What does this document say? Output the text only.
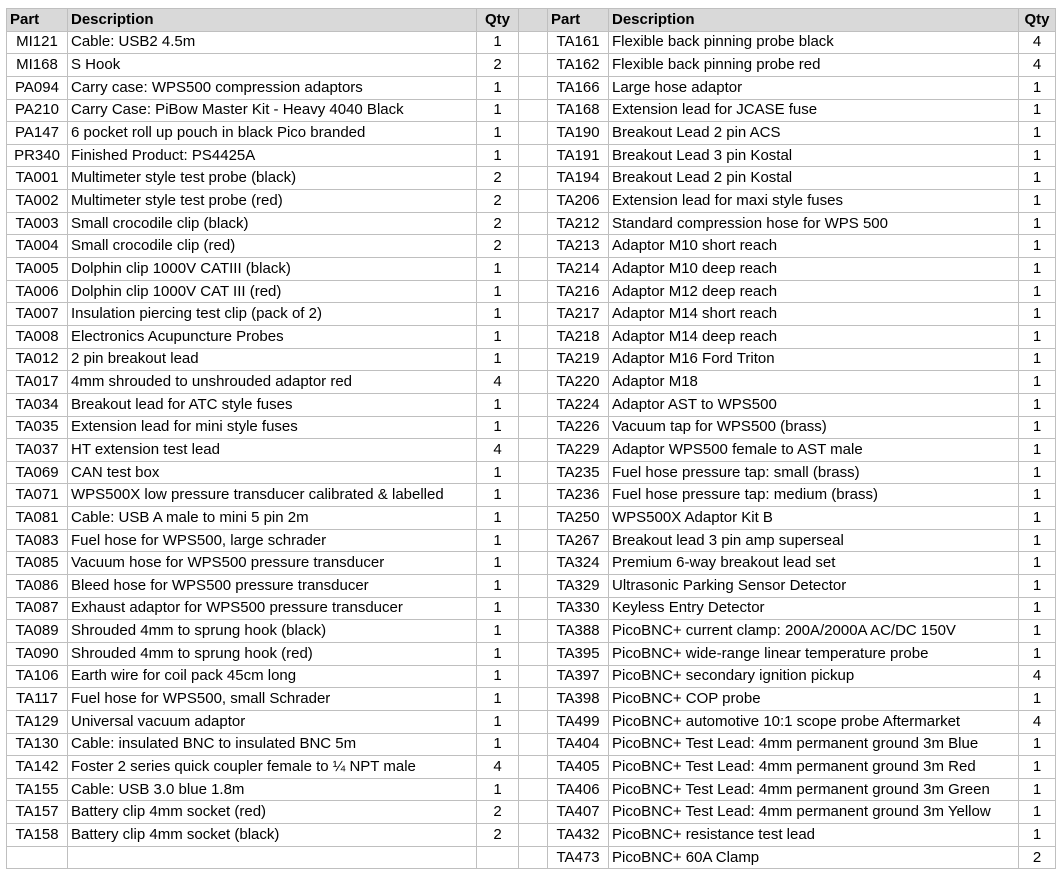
Part	Description	Qty		Part	Description	Qty
MI121	Cable: USB2 4.5m	1		TA161	Flexible back pinning probe black	4
MI168	S Hook	2		TA162	Flexible back pinning probe red	4
PA094	Carry case: WPS500 compression adaptors	1		TA166	Large hose adaptor	1
PA210	Carry Case: PiBow Master Kit - Heavy 4040 Black	1		TA168	Extension lead for JCASE fuse	1
PA147	6 pocket roll up pouch in black Pico branded	1		TA190	Breakout Lead 2 pin ACS	1
PR340	Finished Product: PS4425A	1		TA191	Breakout Lead 3 pin Kostal	1
TA001	Multimeter style test probe (black)	2		TA194	Breakout Lead 2 pin Kostal	1
TA002	Multimeter style test probe (red)	2		TA206	Extension lead for maxi style fuses	1
TA003	Small crocodile clip (black)	2		TA212	Standard compression hose for WPS 500	1
TA004	Small crocodile clip (red)	2		TA213	Adaptor M10 short reach	1
TA005	Dolphin clip 1000V CATIII (black)	1		TA214	Adaptor M10 deep reach	1
TA006	Dolphin clip 1000V CAT III (red)	1		TA216	Adaptor M12 deep reach	1
TA007	Insulation piercing test clip (pack of 2)	1		TA217	Adaptor M14 short reach	1
TA008	Electronics Acupuncture Probes	1		TA218	Adaptor M14 deep reach	1
TA012	2 pin breakout lead	1		TA219	Adaptor M16 Ford Triton	1
TA017	4mm shrouded to unshrouded adaptor red	4		TA220	Adaptor M18	1
TA034	Breakout lead for ATC style fuses	1		TA224	Adaptor AST to WPS500	1
TA035	Extension lead for mini style fuses	1		TA226	Vacuum tap for WPS500 (brass)	1
TA037	HT extension test lead	4		TA229	Adaptor WPS500 female to AST male	1
TA069	CAN test box	1		TA235	Fuel hose pressure tap: small (brass)	1
TA071	WPS500X low pressure transducer calibrated & labelled	1		TA236	Fuel hose pressure tap: medium (brass)	1
TA081	Cable: USB A male to mini 5 pin 2m	1		TA250	WPS500X Adaptor Kit B	1
TA083	Fuel hose for WPS500, large schrader	1		TA267	Breakout lead 3 pin amp superseal	1
TA085	Vacuum hose for WPS500 pressure transducer	1		TA324	Premium 6-way breakout lead set	1
TA086	Bleed hose for WPS500 pressure transducer	1		TA329	Ultrasonic Parking Sensor Detector	1
TA087	Exhaust adaptor for WPS500 pressure transducer	1		TA330	Keyless Entry Detector	1
TA089	Shrouded 4mm to sprung hook (black)	1		TA388	PicoBNC+ current clamp: 200A/2000A AC/DC 150V	1
TA090	Shrouded 4mm to sprung hook (red)	1		TA395	PicoBNC+ wide-range linear temperature probe	1
TA106	Earth wire for coil pack 45cm long	1		TA397	PicoBNC+ secondary ignition pickup	4
TA117	Fuel hose for WPS500, small Schrader	1		TA398	PicoBNC+ COP probe	1
TA129	Universal vacuum adaptor	1		TA499	PicoBNC+ automotive 10:1 scope probe Aftermarket	4
TA130	Cable: insulated BNC to insulated BNC 5m	1		TA404	PicoBNC+ Test Lead: 4mm permanent ground 3m Blue	1
TA142	Foster 2 series quick coupler female to ¼ NPT male	4		TA405	PicoBNC+ Test Lead: 4mm permanent ground 3m Red	1
TA155	Cable: USB 3.0 blue 1.8m	1		TA406	PicoBNC+ Test Lead: 4mm permanent ground 3m Green	1
TA157	Battery clip 4mm socket (red)	2		TA407	PicoBNC+ Test Lead: 4mm permanent ground 3m Yellow	1
TA158	Battery clip 4mm socket (black)	2		TA432	PicoBNC+ resistance test lead	1
				TA473	PicoBNC+ 60A Clamp	2
